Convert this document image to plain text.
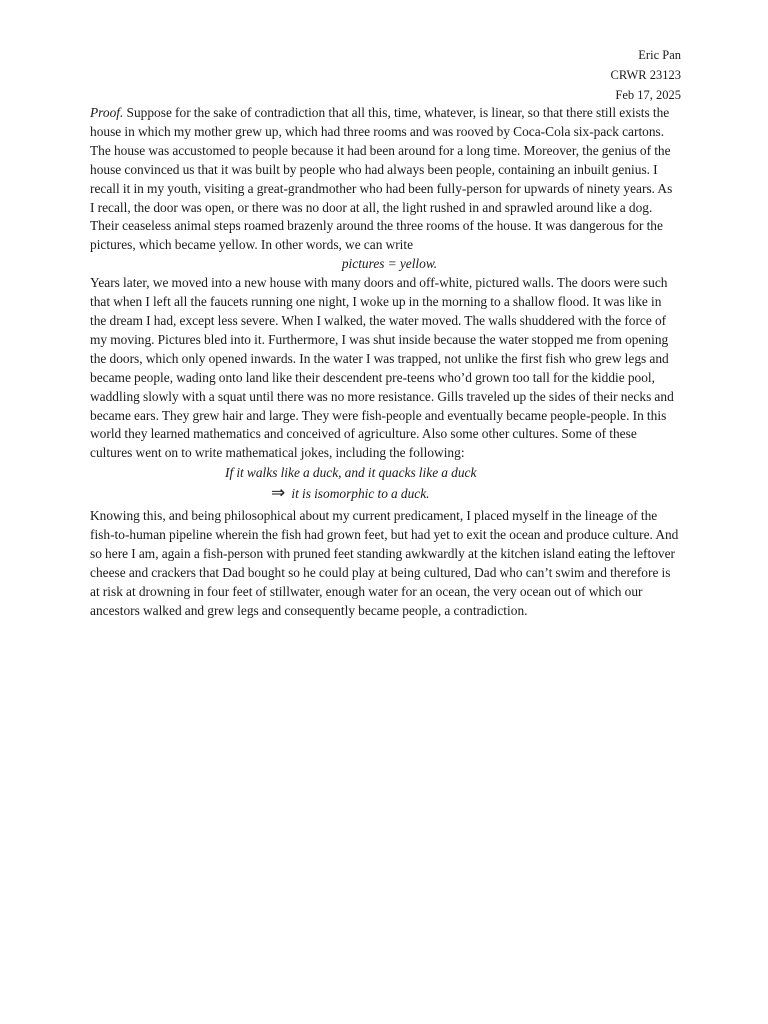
Eric Pan
CRWR 23123
Feb 17, 2025

Proof. Suppose for the sake of contradiction that all this, time, whatever, is linear, so that there still exists the house in which my mother grew up, which had three rooms and was rooved by Coca-Cola six-pack cartons. The house was accustomed to people because it had been around for a long time. Moreover, the genius of the house convinced us that it was built by people who had always been people, containing an inbuilt genius. I recall it in my youth, visiting a great-grandmother who had been fully-person for upwards of ninety years. As I recall, the door was open, or there was no door at all, the light rushed in and sprawled around like a dog. Their ceaseless animal steps roamed brazenly around the three rooms of the house. It was dangerous for the pictures, which became yellow. In other words, we can write

pictures = yellow.

Years later, we moved into a new house with many doors and off-white, pictured walls. The doors were such that when I left all the faucets running one night, I woke up in the morning to a shallow flood. It was like in the dream I had, except less severe. When I walked, the water moved. The walls shuddered with the force of my moving. Pictures bled into it. Furthermore, I was shut inside because the water stopped me from opening the doors, which only opened inwards. In the water I was trapped, not unlike the first fish who grew legs and became people, wading onto land like their descendent pre-teens who’d grown too tall for the kiddie pool, waddling slowly with a squat until there was no more resistance. Gills traveled up the sides of their necks and became ears. They grew hair and large. They were fish-people and eventually became people-people. In this world they learned mathematics and conceived of agriculture. Also some other cultures. Some of these cultures went on to write mathematical jokes, including the following:

If it walks like a duck, and it quacks like a duck

⇒ it is isomorphic to a duck.

Knowing this, and being philosophical about my current predicament, I placed myself in the lineage of the fish-to-human pipeline wherein the fish had grown feet, but had yet to exit the ocean and produce culture. And so here I am, again a fish-person with pruned feet standing awkwardly at the kitchen island eating the leftover cheese and crackers that Dad bought so he could play at being cultured, Dad who can’t swim and therefore is at risk at drowning in four feet of stillwater, enough water for an ocean, the very ocean out of which our ancestors walked and grew legs and consequently became people, a contradiction.
